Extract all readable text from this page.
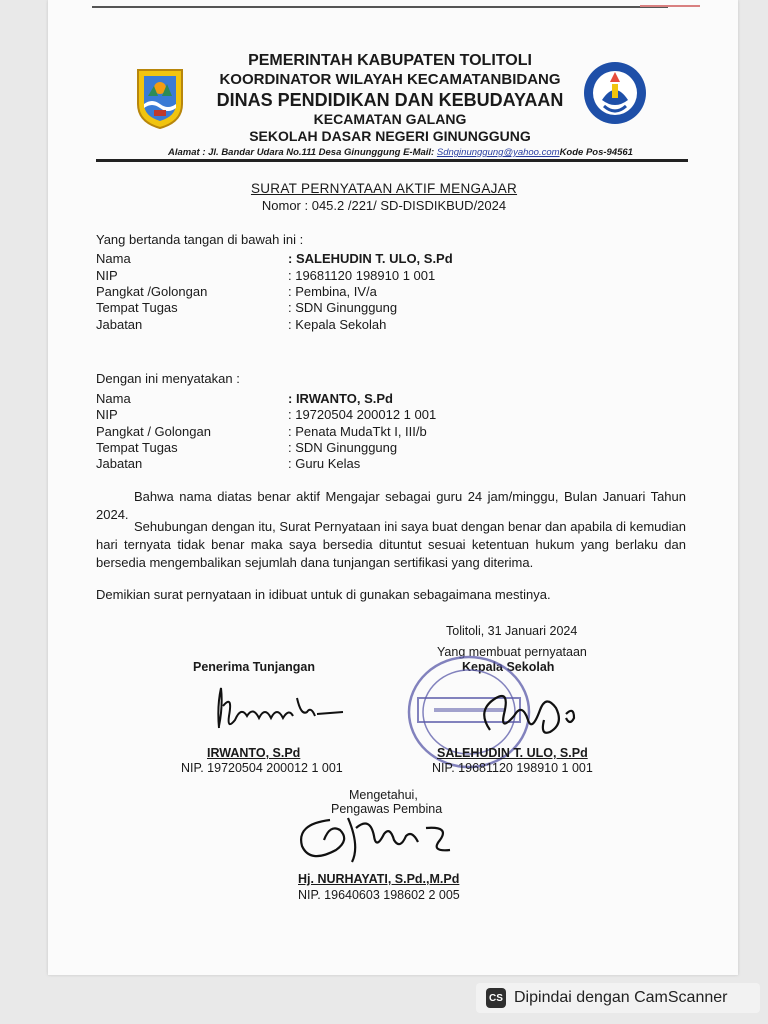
PEMERINTAH KABUPATEN TOLITOLI
KOORDINATOR WILAYAH KECAMATANBIDANG
DINAS PENDIDIKAN DAN KEBUDAYAAN
KECAMATAN GALANG
SEKOLAH DASAR NEGERI GINUNGGUNG
Alamat : Jl. Bandar Udara No.111 Desa Ginunggung E-Mail: Sdnginunggung@yahoo.comKode Pos-94561
SURAT PERNYATAAN AKTIF MENGAJAR
Nomor : 045.2 /221/ SD-DISDIKBUD/2024
Yang bertanda tangan di bawah ini :
Nama	: SALEHUDIN T. ULO, S.Pd
NIP	: 19681120 198910 1 001
Pangkat /Golongan	: Pembina, IV/a
Tempat Tugas	: SDN Ginunggung
Jabatan	: Kepala Sekolah
Dengan ini menyatakan :
Nama	: IRWANTO, S.Pd
NIP	: 19720504 200012 1 001
Pangkat / Golongan	: Penata MudaTkt I, III/b
Tempat Tugas	: SDN Ginunggung
Jabatan	: Guru Kelas
Bahwa nama diatas benar aktif Mengajar sebagai guru 24 jam/minggu, Bulan Januari Tahun 2024.
Sehubungan dengan itu, Surat Pernyataan ini saya buat dengan benar dan apabila di kemudian hari ternyata tidak benar maka saya bersedia dituntut sesuai ketentuan hukum yang berlaku dan bersedia mengembalikan sejumlah dana tunjangan sertifikasi yang diterima.
Demikian surat pernyataan in idibuat untuk di gunakan sebagaimana mestinya.
Tolitoli, 31 Januari 2024
Yang membuat pernyataan
Kepala Sekolah
Penerima Tunjangan
IRWANTO, S.Pd
NIP. 19720504 200012 1 001
SALEHUDIN T. ULO, S.Pd
NIP. 19681120 198910 1 001
Mengetahui,
Pengawas Pembina
Hj. NURHAYATI, S.Pd.,M.Pd
NIP. 19640603 198602 2 005
CS Dipindai dengan CamScanner
